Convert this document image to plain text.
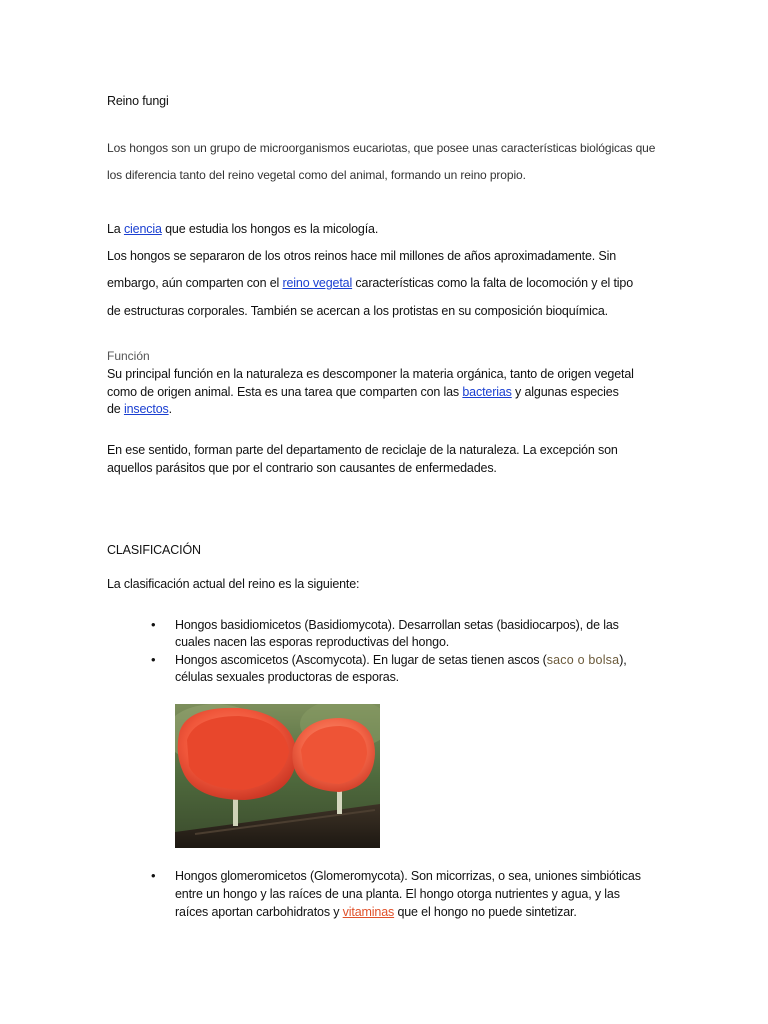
Reino fungi
Los hongos son un grupo de microorganismos eucariotas, que posee unas características biológicas que
los diferencia tanto del reino vegetal como del animal, formando un reino propio.
La ciencia que estudia los hongos es la micología.
Los hongos se separaron de los otros reinos hace mil millones de años aproximadamente. Sin
embargo, aún comparten con el reino vegetal características como la falta de locomoción y el tipo
de estructuras corporales. También se acercan a los protistas en su composición bioquímica.
Función
Su principal función en la naturaleza es descomponer la materia orgánica, tanto de origen vegetal
como de origen animal. Esta es una tarea que comparten con las bacterias y algunas especies
de insectos.
En ese sentido, forman parte del departamento de reciclaje de la naturaleza. La excepción son
aquellos parásitos que por el contrario son causantes de enfermedades.
CLASIFICACIÓN
La clasificación actual del reino es la siguiente:
• Hongos basidiomicetos (Basidiomycota). Desarrollan setas (basidiocarpos), de las
cuales nacen las esporas reproductivas del hongo.
• Hongos ascomicetos (Ascomycota). En lugar de setas tienen ascos (saco o bolsa),
células sexuales productoras de esporas.
• Hongos glomeromicetos (Glomeromycota). Son micorrizas, o sea, uniones simbióticas
entre un hongo y las raíces de una planta. El hongo otorga nutrientes y agua, y las
raíces aportan carbohidratos y vitaminas que el hongo no puede sintetizar.
